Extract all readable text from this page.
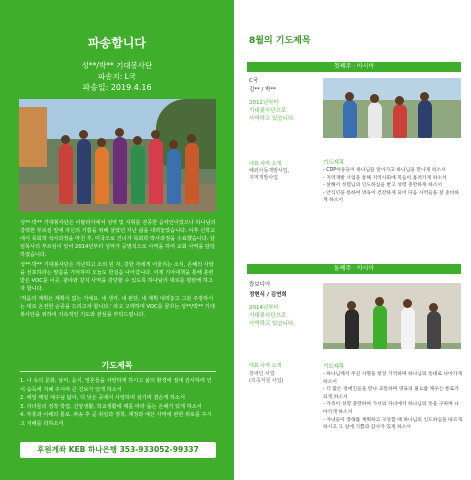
파송합니다
성**/박** 기대봉사단
파송지: L국
파송일: 2019.4.16

성**·박** 기대봉사단은 이탈리아에서 성악 및 지휘를 전공한 음악인이었으나 하나님의 강력한 부르심 앞에 자신의 기쁨을 위해 살았던 지난 삶을 내려놓았습니다. 이후 신학교에서 목회학 석사과정을 마친 후, 미국으로 건너가 목회학 박사과정을 수료했습니다. 담임목사의 부르심이 있어 2014년부터 성악가 공명석으로 사역을 하며 교회 사역을 담당 하였습니다.

성**·박** 기대봉사단은 가난하고 소외 된 자, 강한 자에게 어울리는 소식, 은혜의 사랑을 선포하라는 말씀을 기억하며 오늘도 한걸음 나아갑니다. 어제 기아대책을 통해 훈련받은 VOC를 이곳, 광야와 같지 사역을 감당할 수 있도록 하나님의 대로를 평탄케 하고자 합니다.

'처음의 계획은 계획이 없는 거예요. 내 생각, 내 판단, 내 계획 내려놓고 그분 주장하시는 대로 온전한 순종을 드리고자 합니다.' 라고 고백하며 VOC를 꿈꾸는 성**/박** 기대봉사단을 위하여 지속적인 기도와 관심을 부탁드립니다.

기도제목
1. 나 속의 문화, 날씨, 음식, 영혼들을 사랑하게 하시고 삶의 환경에 절대 감사하며 언어 습득에 지혜 주시며 큰 진보가 있게 하소서
2. 매일 매일 예수님 닮아, 더 낮은 곳에서 사랑하며 섬기며 겸손케 하소서
3. 자녀들의 정착 학업, 신앙생활, 학교생활에 때를 따라 돕는 은혜가 있게 하소서
4. 부흥과 이해의 통로, 파송 후 곧 취임과 정착, 재정과 예산 사역에 관한 위로를 주시고 지혜를 더하소서
후원계좌 KEB 하나은행 353-933052-99337
8월의 기도제목
첫째주 · 아시아
C국
김** / 박**
2012년부터
기대봉사단으로
사역하고 있습니다.
대표 사역 소개
해외아동개발사업,
지역개발사업
기도제목
- CDP아동들이 하나님을 알아가고 하나님을 만나게 하소서
- 지역개발 사업을 통해 지역사회에 복음이 흘러가게 하소서
- 살해서 성령님의 인도하심을 받고 성령 충만하게 하소서
- 안식년을 통하여 영육이 건강하게 되어 다음 사역들을 잘 준비하게 하소서
둘째주 · 아시아
캄보디아
정현식 / 김연희
2014년부터
기대봉사단으로
사역하고 있습니다.
대표 사역 소개
장애인 사업
(의족지원 사업)
기도제목
- 하나님께서 주신 사명을 항상 기억하며 하나님의 뜻대로 나아가게 하소서
- 더 많은 장애인들을 만나 교통하며 영육의 필요를 채우는 통로가 되게 하소서
- 가족이 성령 충만하여 가서의 자녀에서 하나님의 뜻을 구하며 나아가게 하소서
- 자녀들이 장래를 계획하고 구상할 때 하나님의 인도하심을 따르게 하시고 그 일에 기쁨과 감사가 있게 하소서
